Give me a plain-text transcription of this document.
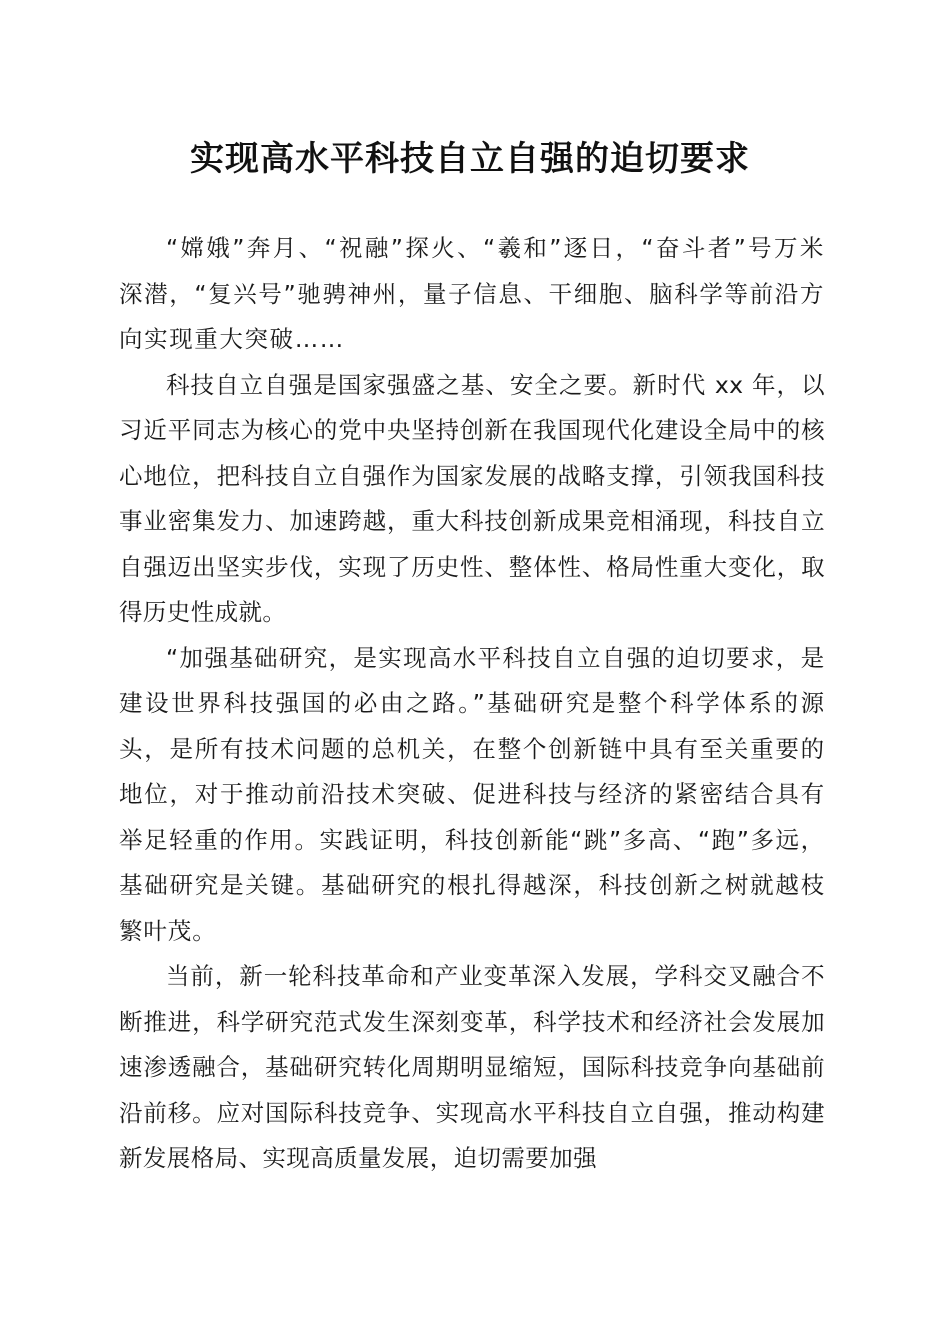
实现高水平科技自立自强的迫切要求

“嫦娥”奔月、“祝融”探火、“羲和”逐日，“奋斗者”号万米深潜，“复兴号”驰骋神州，量子信息、干细胞、脑科学等前沿方向实现重大突破……

科技自立自强是国家强盛之基、安全之要。新时代 xx 年，以习近平同志为核心的党中央坚持创新在我国现代化建设全局中的核心地位，把科技自立自强作为国家发展的战略支撑，引领我国科技事业密集发力、加速跨越，重大科技创新成果竞相涌现，科技自立自强迈出坚实步伐，实现了历史性、整体性、格局性重大变化，取得历史性成就。

“加强基础研究，是实现高水平科技自立自强的迫切要求，是建设世界科技强国的必由之路。”基础研究是整个科学体系的源头，是所有技术问题的总机关，在整个创新链中具有至关重要的地位，对于推动前沿技术突破、促进科技与经济的紧密结合具有举足轻重的作用。实践证明，科技创新能“跳”多高、“跑”多远，基础研究是关键。基础研究的根扎得越深，科技创新之树就越枝繁叶茂。

当前，新一轮科技革命和产业变革深入发展，学科交叉融合不断推进，科学研究范式发生深刻变革，科学技术和经济社会发展加速渗透融合，基础研究转化周期明显缩短，国际科技竞争向基础前沿前移。应对国际科技竞争、实现高水平科技自立自强，推动构建新发展格局、实现高质量发展，迫切需要加强
